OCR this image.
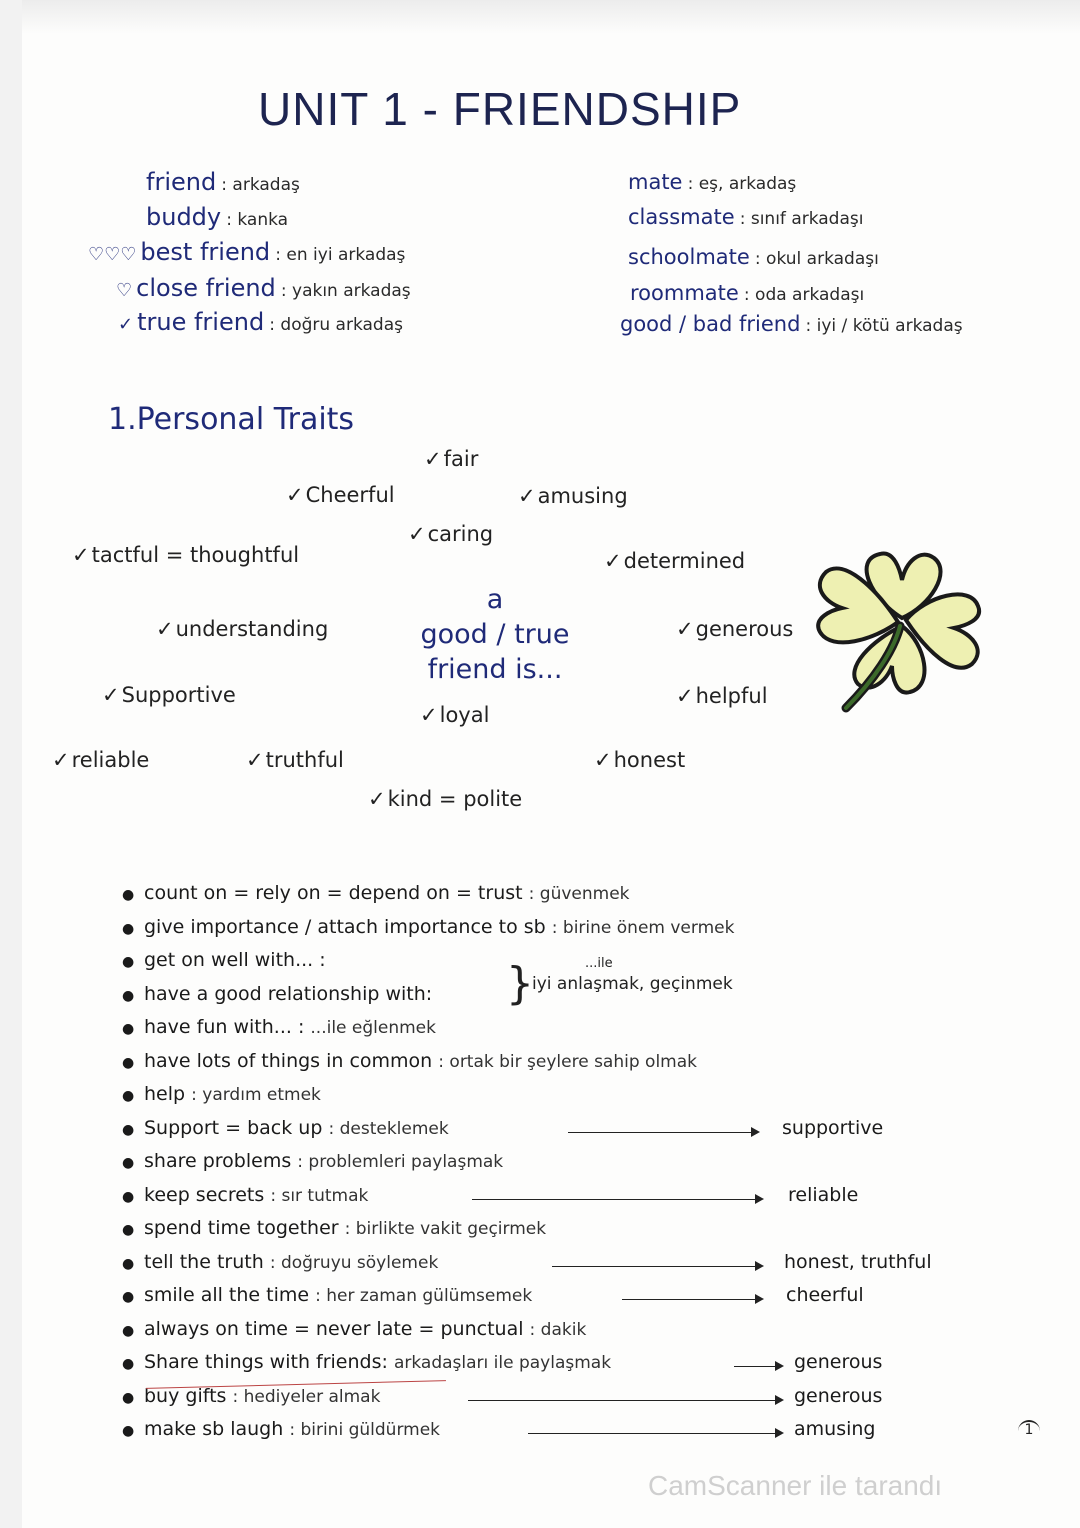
UNIT 1 - FRIENDSHIP
friend : arkadaş
buddy : kanka
♡♡♡ best friend : en iyi arkadaş
♡ close friend : yakın arkadaş
✓ true friend : doğru arkadaş
mate : eş, arkadaş
classmate : sınıf arkadaşı
schoolmate : okul arkadaşı
roommate : oda arkadaşı
good / bad friend : iyi / kötü arkadaş
1.Personal Traits
✓fair
✓Cheerful	✓amusing
✓caring
✓tactful = thoughtful	✓determined
✓understanding	✓generous
✓Supportive	✓helpful
✓loyal
✓reliable	✓truthful	✓honest
✓kind = polite
a
good / true
friend is...
● count on = rely on = depend on = trust : güvenmek
● give importance / attach importance to sb : birine önem vermek
● get on well with... :
● have a good relationship with:
● have fun with... : ...ile eğlenmek
● have lots of things in common : ortak bir şeylere sahip olmak
● help : yardım etmek
● Support = back up : desteklemek	supportive
● share problems : problemleri paylaşmak
● keep secrets : sır tutmak	reliable
● spend time together : birlikte vakit geçirmek
● tell the truth : doğruyu söylemek	honest, truthful
● smile all the time : her zaman gülümsemek	cheerful
● always on time = never late = punctual : dakik
● Share things with friends: arkadaşları ile paylaşmak	generous
● buy gifts : hediyeler almak	generous
● make sb laugh : birini güldürmek	amusing
}	...ile
iyi anlaşmak, geçinmek
1
CamScanner ile tarandı
